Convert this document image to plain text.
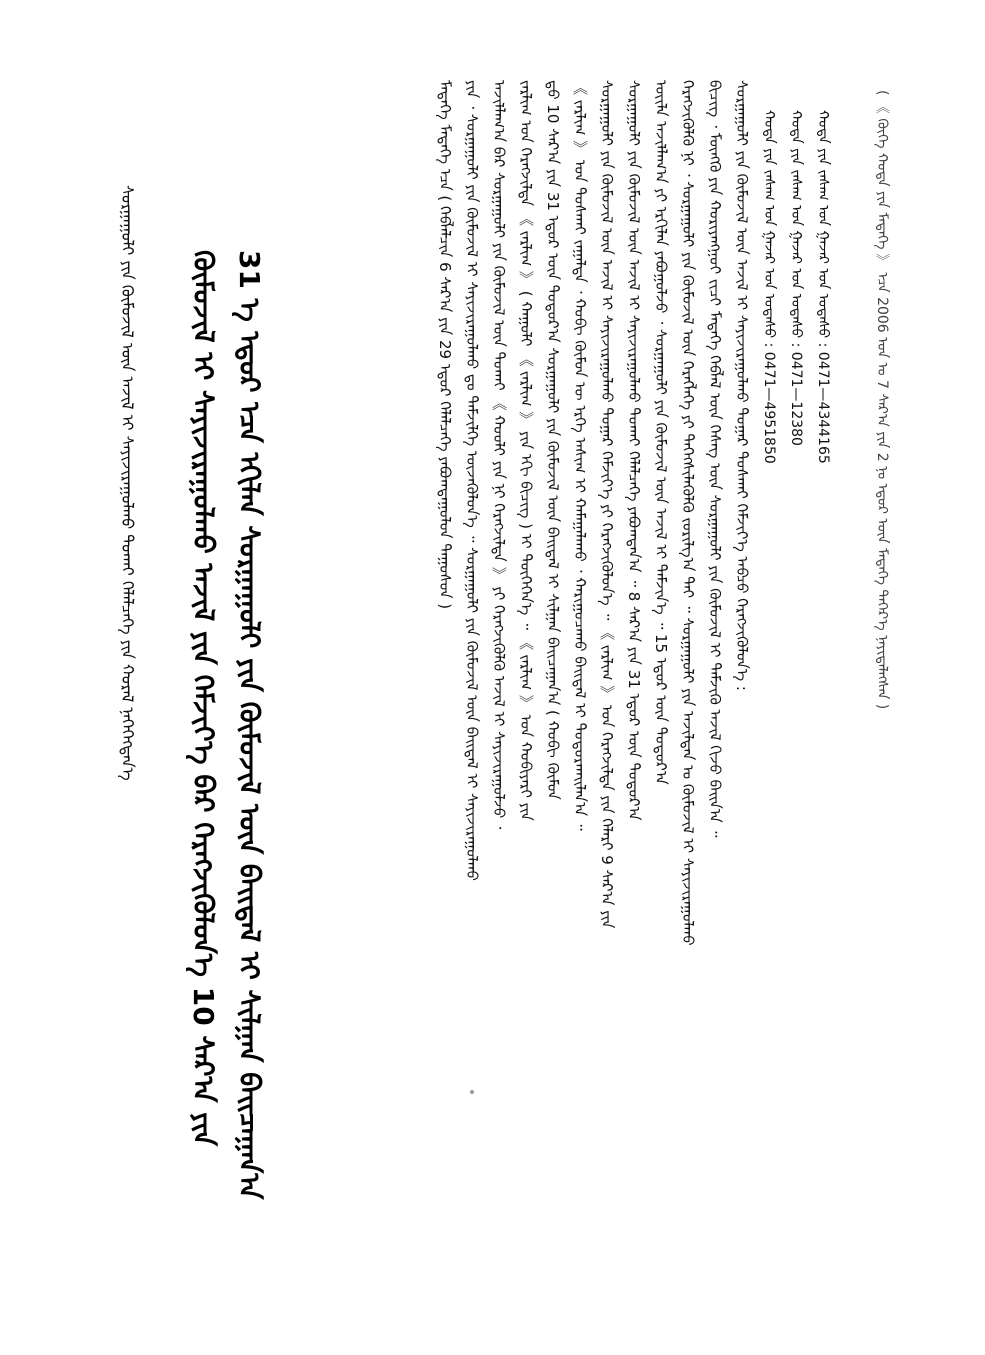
( 《 ᠬᠥᠬᠡ ᠬᠣᠲᠠ ᠶᠢᠨ ᠮᠡᠳᠡᠭᠡ 》 ᠡᠴᠡ 2006 ᠣᠨ ᠤ 7 ᠰᠠᠷ᠎ᠠ ᠶᠢᠨ 2 ᠨᠤ ᠡᠳᠦᠷ ᠦᠨ ᠮᠡᠳᠡᠭᠡ ᠳᠡᠭᠡᠷ᠎ᠡ ᠨᠡᠶᠢᠲᠡᠯᠡᠭᠰᠡᠨ )
ᠬᠣᠲᠠ ᠶᠢᠨ ᠵᠠᠰᠠᠭ ᠤᠨ ᠭᠠᠵᠠᠷ ᠤᠨ ᠤᠲᠠᠰᠤ : 0471—4344165
ᠬᠣᠲᠠ ᠶᠢᠨ ᠵᠠᠰᠠᠭ ᠤᠨ ᠭᠠᠵᠠᠷ ᠤᠨ ᠤᠲᠠᠰᠤ : 0471—12380
ᠬᠣᠲᠠ ᠶᠢᠨ ᠵᠠᠰᠠᠭ ᠤᠨ ᠭᠠᠵᠠᠷ ᠤᠨ ᠤᠲᠠᠰᠤ : 0471—4951850
ᠰᠤᠷᠭᠠᠭᠤᠯᠢ ᠶᠢᠨ ᠬᠦᠮᠦᠵᠢᠯ ᠦᠨ ᠠᠵᠢᠯ ᠢ ᠰᠠᠶᠢᠵᠢᠷᠠᠭᠤᠯᠬᠤ ᠳᠤᠭᠠᠷ ᠲᠤᠰᠬᠠᠢ ᠬᠡᠮᠵᠢᠶ᠎ᠡ ᠠᠪᠴᠤ ᠬᠡᠷᠡᠭᠵᠢᠭᠦᠯᠦᠨ᠎ᠡ :
ᠪᠢᠴᠢᠭ ᠂ ᠮᠥᠩᠭᠦ ᠶᠢᠨ ᠬᠤᠷᠢᠶᠠᠩᠭᠤᠢ ᠵᠢᠴᠢ ᠮᠡᠳᠡᠭᠡ ᠬᠡᠪᠯᠡᠯ ᠦᠨ ᠬᠡᠰᠡᠭ ᠦᠨ ᠰᠤᠷᠭᠠᠭᠤᠯᠢ ᠶᠢᠨ ᠬᠦᠮᠦᠵᠢᠯ ᠢ ᠳᠡᠮᠵᠢᠬᠦ ᠠᠵᠢᠯ ᠬᠢᠵᠦ ᠪᠠᠢᠨ᠎ᠠ ᠃
ᠬᠡᠷᠡᠭᠵᠢᠭᠦᠯᠬᠦ ᠨᠢ ᠂ ᠰᠤᠷᠭᠠᠭᠤᠯᠢ ᠶᠢᠨ ᠬᠦᠮᠦᠵᠢᠯ ᠦᠨ ᠬᠡᠷᠡᠭᠯᠡᠭᠡ ᠶᠢ ᠳᠡᠭᠡᠭᠰᠢᠯᠡᠭᠦᠯᠬᠦ ᠵᠤᠷᠢᠯᠭ᠎ᠠ ᠲᠠᠢ ᠃ ᠰᠤᠷᠭᠠᠭᠤᠯᠢ ᠶᠢᠨ ᠠᠵᠢᠯᠲᠠᠨ ᠤ ᠬᠦᠮᠦᠵᠢᠯ ᠢ ᠰᠠᠶᠢᠵᠢᠷᠠᠭᠤᠯᠬᠤ
ᠦᠢᠯᠡ ᠠᠵᠢᠯᠯᠠᠭ᠎ᠠ ᠶᠢ ᠡᠷᠬᠢᠯᠡᠨ ᠶᠠᠪᠤᠭᠤᠯᠵᠤ ᠂ ᠰᠤᠷᠭᠠᠭᠤᠯᠢ ᠶᠢᠨ ᠬᠦᠮᠦᠵᠢᠯ ᠦᠨ ᠠᠵᠢᠯ ᠢ ᠳᠡᠮᠵᠢᠨ᠎ᠡ ᠃ 15 ᠡᠳᠦᠷ ᠦᠨ ᠳᠣᠲᠣᠷ᠎ᠠ
ᠰᠤᠷᠭᠠᠭᠤᠯᠢ ᠶᠢᠨ ᠬᠦᠮᠦᠵᠢᠯ ᠦᠨ ᠠᠵᠢᠯ ᠢ ᠰᠠᠶᠢᠵᠢᠷᠠᠭᠤᠯᠬᠤ ᠲᠤᠬᠠᠢ ᠬᠡᠯᠡᠯᠴᠡᠭᠡ ᠶᠠᠪᠤᠭᠳᠠᠨ᠎ᠠ ᠃ 8 ᠰᠠᠷ᠎ᠠ ᠶᠢᠨ 31 ᠡᠳᠦᠷ ᠦᠨ ᠳᠣᠲᠣᠷ᠎ᠠ
ᠰᠤᠷᠭᠠᠭᠤᠯᠢ ᠶᠢᠨ ᠬᠦᠮᠦᠵᠢᠯ ᠦᠨ ᠠᠵᠢᠯ ᠢ ᠰᠠᠶᠢᠵᠢᠷᠠᠭᠤᠯᠬᠤ ᠳᠤᠭᠠᠷ ᠬᠡᠮᠵᠢᠶ᠎ᠡ ᠶᠢ ᠬᠡᠷᠡᠭᠵᠢᠭᠦᠯᠦᠨ᠎ᠡ ᠃ 《 ᠵᠠᠷᠯᠢᠭ 》 ᠤᠨ ᠬᠡᠷᠡᠭᠵᠢᠯᠲᠡ ᠶᠢᠨ ᠬᠡᠯᠡᠷᠢ 9 ᠰᠠᠷ᠎ᠠ ᠶᠢᠨ
《 ᠵᠠᠷᠯᠢᠭ 》 ᠤᠨ ᠲᠤᠰᠬᠠᠢ ᠵᠠᠭᠠᠯᠲᠠ ᠂ ᠬᠤᠪᠢ ᠬᠦᠮᠦᠨ ᠦ ᠡᠷᠬᠡ ᠠᠰᠢᠭ ᠢ ᠬᠠᠮᠠᠭᠠᠯᠠᠬᠤ ᠂ ᠬᠠᠷᠢᠭᠤᠴᠠᠬᠤ ᠪᠠᠢᠳᠠᠯ ᠢ ᠲᠣᠳᠣᠷᠬᠠᠢᠯᠠᠨ᠎ᠠ ᠃
ᠳ᠋ᠦ 10 ᠰᠠᠷ᠎ᠠ ᠶᠢᠨ 31 ᠡᠳᠦᠷ ᠦᠨ ᠳᠣᠲᠣᠷ᠎ᠠ ᠰᠤᠷᠭᠠᠭᠤᠯᠢ ᠶᠢᠨ ᠬᠦᠮᠦᠵᠢᠯ ᠦᠨ ᠪᠠᠢᠳᠠᠯ ᠢ ᠰᠢᠯᠭᠠᠨ ᠪᠠᠢᠴᠠᠭᠠᠨ᠎ᠠ ( ᠬᠤᠪᠢ ᠬᠦᠮᠦᠨ
ᠵᠠᠷᠯᠢᠭ ᠤᠨ ᠬᠡᠷᠡᠭᠵᠢᠯᠲᠡ 《 ᠵᠠᠷᠯᠢᠭ 》 ( ᠬᠠᠭᠤᠯᠢ 《 ᠵᠠᠷᠯᠢᠭ 》 ᠶᠢᠨ ᠡᠬᠢ ᠪᠢᠴᠢᠭ ) ᠢ ᠲᠦᠭᠡᠭᠡᠨ᠎ᠡ ᠃ 《 ᠵᠠᠷᠯᠢᠭ 》 ᠤᠨ ᠬᠤᠪᠢᠶᠠᠷᠢ ᠶᠢᠨ
ᠠᠵᠢᠯᠯᠠᠭ᠎ᠠ ᠪᠠᠷ ᠰᠤᠷᠭᠠᠭᠤᠯᠢ ᠶᠢᠨ ᠬᠦᠮᠦᠵᠢᠯ ᠦᠨ ᠲᠤᠬᠠᠢ 《 ᠬᠤᠤᠯᠢ ᠶᠢᠨ ᠨᠢ ᠬᠡᠷᠡᠭᠵᠢᠯᠲᠡ 》 ᠶᠢ ᠬᠡᠷᠡᠭᠵᠢᠭᠦᠯᠬᠦ ᠠᠵᠢᠯ ᠢ ᠰᠠᠶᠢᠵᠢᠷᠠᠭᠤᠯᠵᠤ ᠂
ᠶᠢᠨ ᠂ ᠰᠤᠷᠭᠠᠭᠤᠯᠢ ᠶᠢᠨ ᠬᠦᠮᠦᠵᠢᠯ ᠢ ᠰᠠᠶᠢᠵᠢᠷᠠᠭᠤᠯᠬᠤ ᠳᠤ ᠳᠡᠮᠵᠢᠯᠭᠡ ᠦᠵᠡᠭᠦᠯᠦᠨ᠎ᠡ ᠃ ᠰᠤᠷᠭᠠᠭᠤᠯᠢ ᠶᠢᠨ ᠬᠦᠮᠦᠵᠢᠯ ᠦᠨ ᠪᠠᠢᠳᠠᠯ ᠢ ᠰᠠᠶᠢᠵᠢᠷᠠᠭᠤᠯᠬᠤ
ᠮᠡᠳᠡᠭᠡ ᠮᠡᠳᠡᠭᠡ ᠡᠴᠡ ( ᠬᠡᠪᠯᠡᠯᠴᠢᠨ 6 ᠰᠠᠷ᠎ᠠ ᠶᠢᠨ 29 ᠡᠳᠦᠷ ᠬᠡᠯᠡᠯᠴᠡᠭᠡ ᠶᠠᠪᠤᠭᠳᠠᠭᠤᠯᠤᠨ ᠳᠠᠭᠤᠰᠤᠨ )
31 ᠡ ᠡᠳᠦᠷ ᠡᠴᠡ ᠡᠬᠢᠯᠡᠨ ᠰᠤᠷᠭᠠᠭᠤᠯᠢ ᠶᠢᠨ ᠬᠦᠮᠦᠵᠢᠯ ᠦᠨ ᠪᠠᠢᠳᠠᠯ ᠢ ᠰᠢᠯᠭᠠᠨ ᠪᠠᠢᠴᠠᠭᠠᠨ᠎ᠠ
ᠬᠦᠮᠦᠵᠢᠯ ᠢ ᠰᠠᠶᠢᠵᠢᠷᠠᠭᠤᠯᠬᠤ ᠠᠵᠢᠯ ᠶᠢᠨ ᠬᠡᠮᠵᠢᠶ᠎ᠡ ᠪᠡᠷ ᠬᠡᠷᠡᠭᠵᠢᠭᠦᠯᠦᠨ᠎ᠡ 10 ᠰᠠᠷ᠎ᠠ ᠶᠢᠨ
ᠰᠤᠷᠭᠠᠭᠤᠯᠢ ᠶᠢᠨ ᠬᠦᠮᠦᠵᠢᠯ ᠦᠨ ᠠᠵᠢᠯ ᠢ ᠰᠠᠶᠢᠵᠢᠷᠠᠭᠤᠯᠬᠤ ᠲᠤᠬᠠᠢ ᠬᠡᠯᠡᠯᠴᠡᠭᠡ ᠶᠢᠨ ᠬᠤᠷᠠᠯ ᠨᠡᠭᠡᠭᠡᠭᠳᠡᠨ᠎ᠡ
